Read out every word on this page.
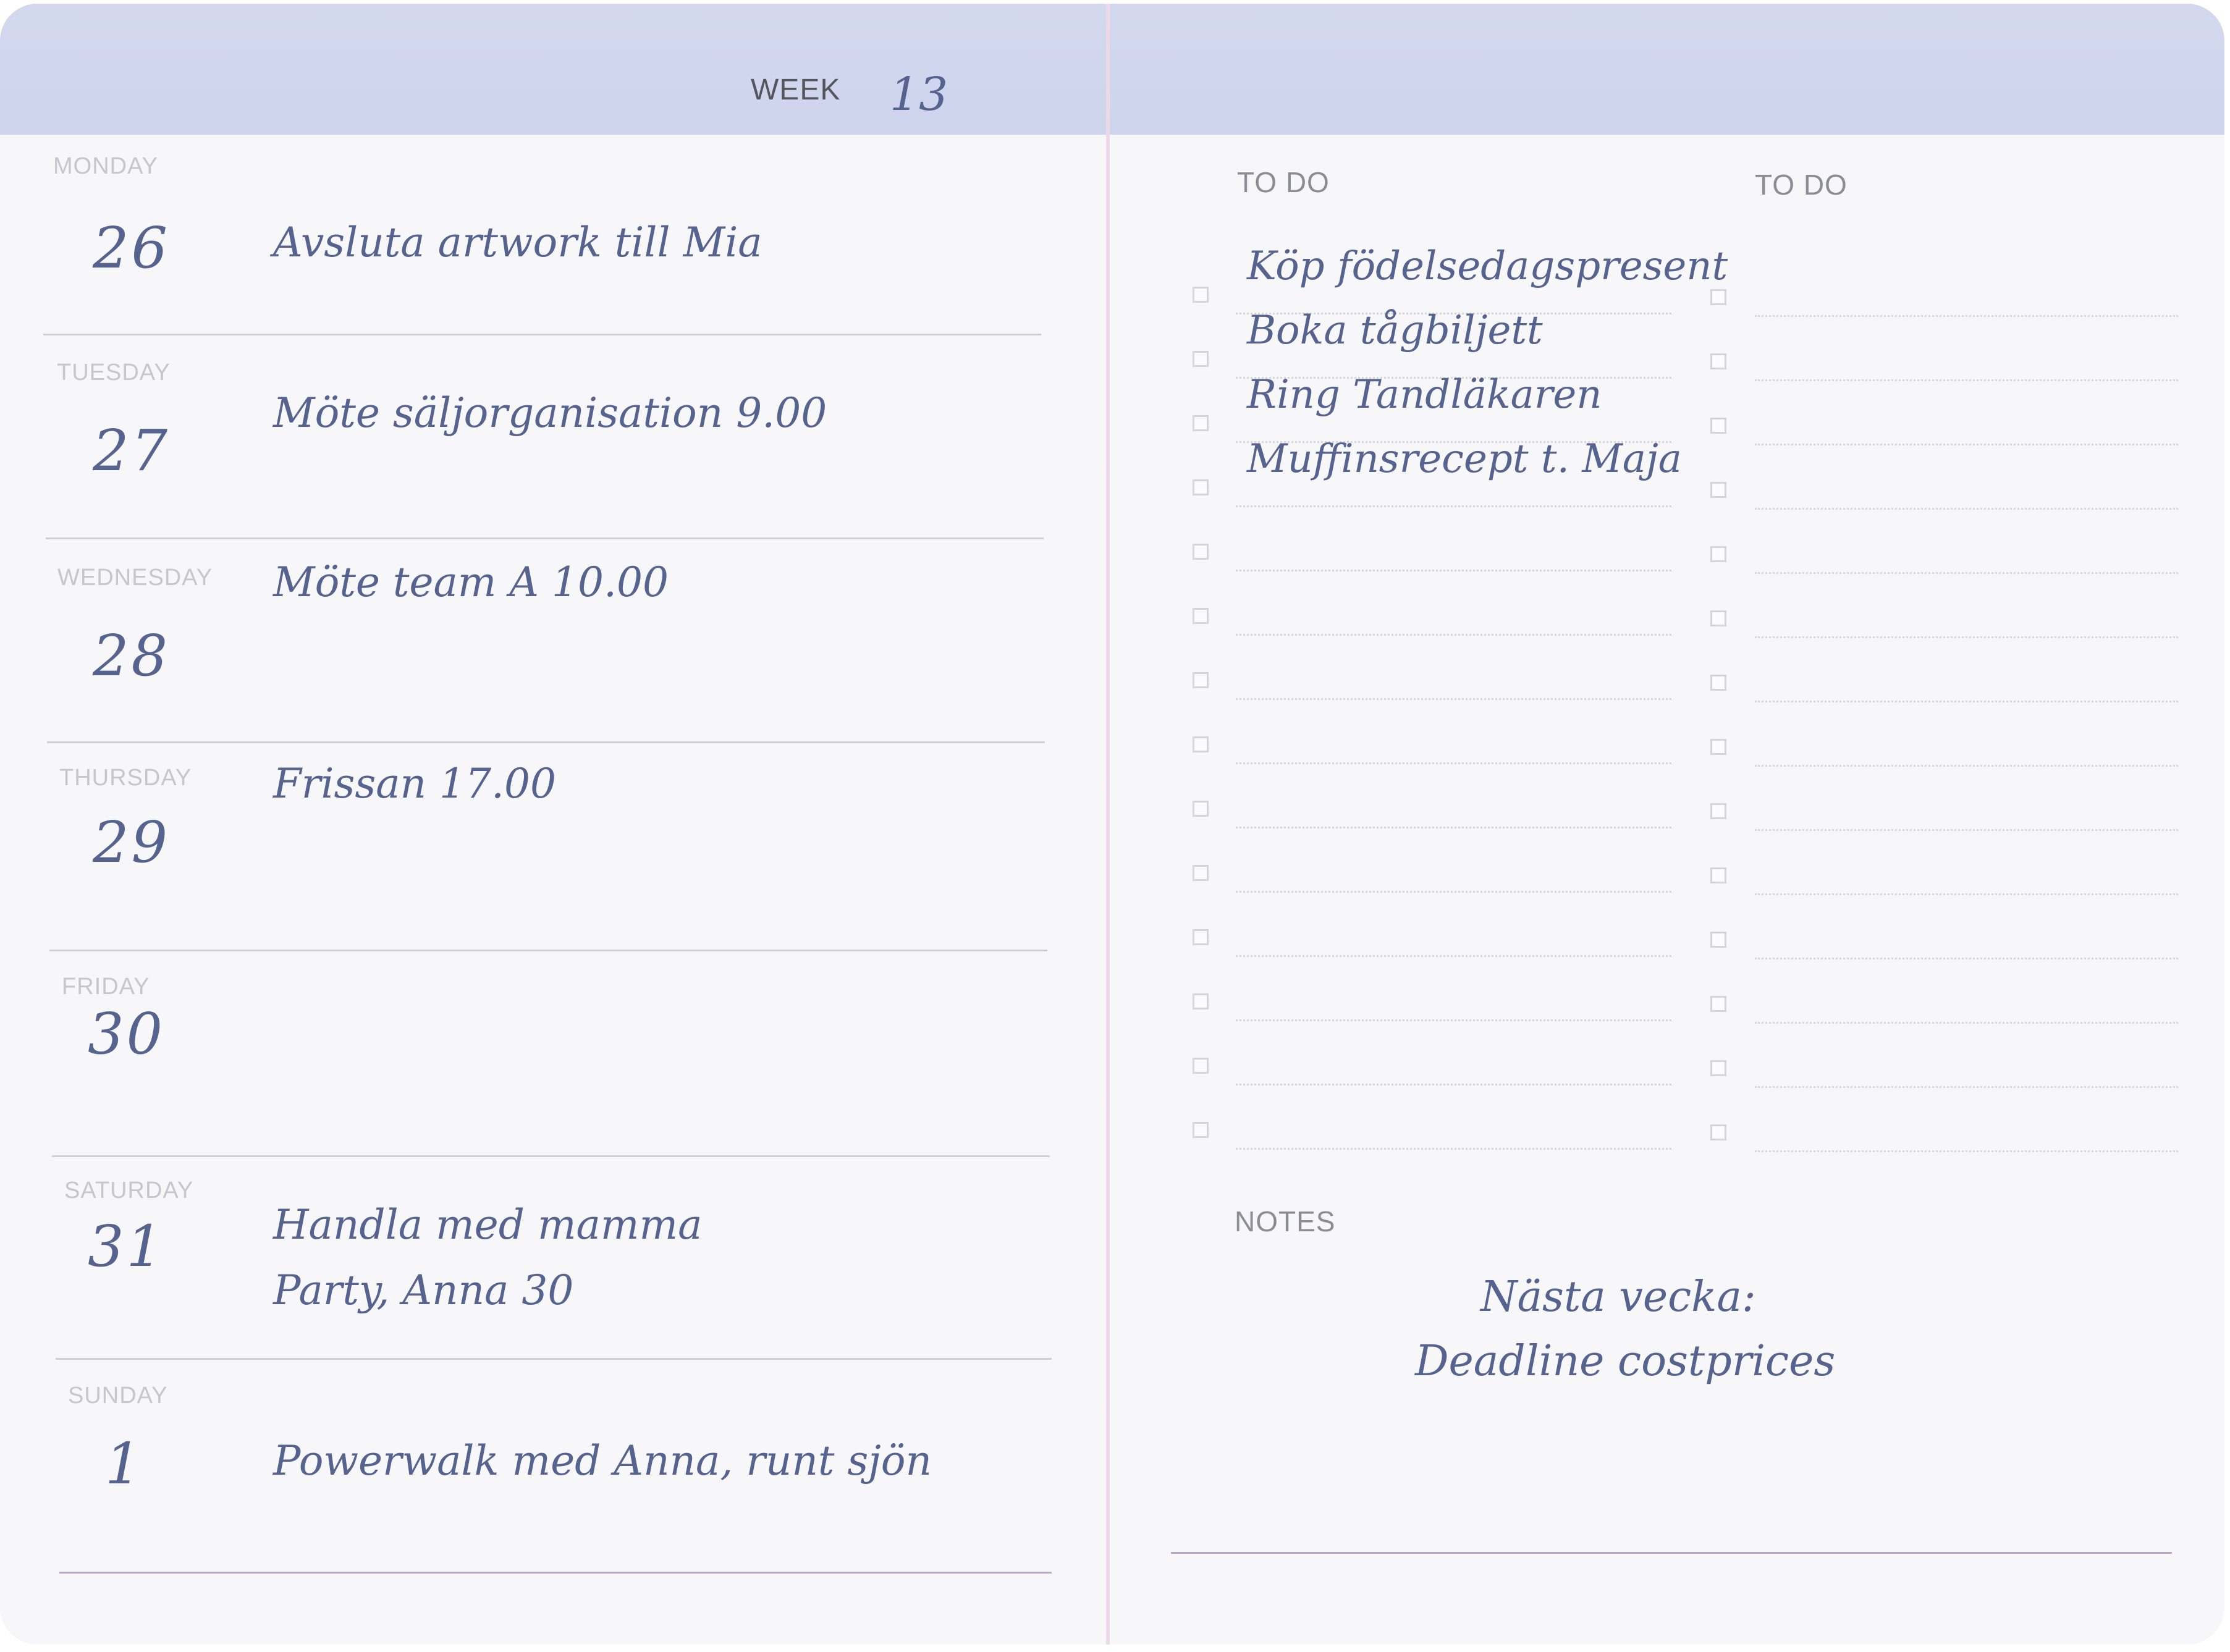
WEEK 13
MONDAY
26	Avsluta artwork till Mia
TUESDAY
27
Möte säljorganisation 9.00
WEDNESDAY
28
Möte team A 10.00
THURSDAY
29
Frissan 17.00
FRIDAY
30
SATURDAY
31	Handla med mamma
Party, Anna 30
SUNDAY
1	Powerwalk med Anna, runt sjön
TO DO	TO DO
Köp födelsedagspresent
Boka tågbiljett
Ring Tandläkaren
Muffinsrecept t. Maja
NOTES
Nästa vecka:
Deadline costprices
